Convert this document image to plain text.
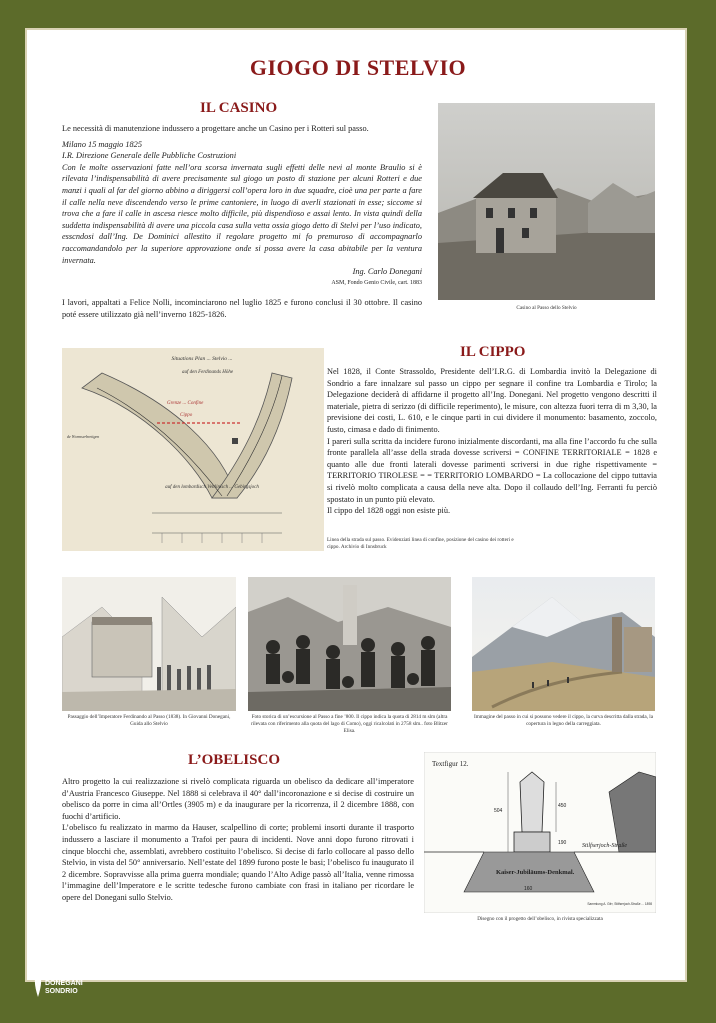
GIOGO DI STELVIO
IL CASINO

Le necessità di manutenzione indussero a progettare anche un Casino per i Rotteri sul passo.

Milano 15 maggio 1825

I.R. Direzione Generale delle Pubbliche Costruzioni

Con le molte osservazioni fatte nell’ora scorsa invernata sugli effetti delle nevi al monte Braulio si è rilevata l’indispensabilità di avere precisamente sul giogo un posto di stazione per alcuni Rotteri e due manzi i quali al far del giorno abbino a diriggersi coll’opera loro in due squadre, cioè una per parte a fare il calle nella neve discendendo verso le prime cantoniere, in luogo di averli stazionati in esse; siccome si trova che a fare il calle in ascesa riesce molto difficile, più dispendioso e assai lento. In vista quindi della suddetta indispensabilità di avere una piccola casa sulla vetta ossia giogo detto di Stelvi per l’uso indicato, esscndosi dall’Ing. De Dominici allestito il regolare progetto mi fo premuroso di accompagnarlo raccomandandolo per la superiore approvazione onde si possa avere la casa abitabile per la ventura invernata.

Ing. Carlo Donegani

ASM, Fondo Genio Civile, cart. 1883

I lavori, appaltati a Felice Nolli, incominciarono nel luglio 1825 e furono conclusi il 30 ottobre. Il casino poté essere utilizzato già nell’inverno 1825-1826.

Casino al Passo dello Stelvio
Situations Plan ... Stelvio ...
auf den Ferdinands Höhe
Grenze ... Confine
Cippo
auf den lombardisch Veltlinisch ... Gebirgsjoch
de Wormserbreitgen
IL CIPPO

Nel 1828, il Conte Strassoldo, Presidente dell’I.R.G. di Lombardia invitò la Delegazione di Sondrio a fare innalzare sul passo un cippo per segnare il confine tra Lombardia e Tirolo; la Delegazione deciderà di affidarne il progetto all’Ing. Donegani. Nel progetto vengono descritti il materiale, pietra di serizzo (di difficile reperimento), le misure, con altezza fuori terra di m 3,30, la previsione dei costi, L. 610, e le cinque parti in cui dividere il monumento: basamento, zoccolo, fusto, cimasa e dado di finimento.

I pareri sulla scritta da incidere furono inizialmente discordanti, ma alla fine l’accordo fu che sulla fronte parallela all’asse della strada dovesse scriversi = CONFINE TERRITORIALE = 1828 e quanto alle due fronti laterali dovesse parimenti scriversi in due righe rispettivamente = TERRITORIO TIROLESE = = TERRITORIO LOMBARDO = La collocazione del cippo tuttavia si rivelò molto complicata a causa della neve alta. Dopo il collaudo dell’Ing. Ferranti fu perciò spostato in un punto più elevato.

Il cippo del 1828 oggi non esiste più.

Linea della strada sul passo. Evidenziati linea di confine, posizione del casino dei rotteri e cippo. Archivio di Innsbruck
Passaggio dell’Imperatore Ferdinando al Passo (1838). In Giovanni Donegani, Guida allo Stelvio
Foto storica di un’escursione al Passo a fine ’800. Il cippo indica la quota di 2814 m slm (altra rilevata con riferimento alla quota del lago di Como), oggi ricalcolati in 2758 slm.. foto Blitzer Elisa.
Immagine del passo in cui si possono vedere il cippo, la curva descritta dalla strada, la copertura in legno della carreggiata.
L’OBELISCO

Altro progetto la cui realizzazione si rivelò complicata riguarda un obelisco da dedicare all’imperatore d’Austria Francesco Giuseppe. Nel 1888 si celebrava il 40° dall’incoronazione e si decise di costruire un obelisco da porre in cima all’Ortles (3905 m) e da inaugurare per la ricorrenza, il 2 dicembre 1888, con fuochi d’artificio.

L’obelisco fu realizzato in marmo da Hauser, scalpellino di corte; problemi insorti durante il trasporto indussero a lasciare il monumento a Trafoi per paura di incidenti. Nove anni dopo furono ritrovati i cinque blocchi che, assemblati, avrebbero costituito l’obelisco. Si decise di farlo collocare al passo dello Stelvio, in vista del 50° anniversario. Nell’estate del 1899 furono poste le basi; l’obelisco fu inaugurato il 2 dicembre. Sopravvisse alla prima guerra mondiale; quando l’Alto Adige passò all’Italia, venne rimossa l’immagine dell’Imperatore e le scritte tedesche furono cambiate con frasi in italiano per ricordare le opere del Donegani sullo Stelvio.

Textfigur 12.
504
450
190
160
Stilfserjoch-Straße
Kaiser-Jubiläums-Denkmal.
Sammlung A. Gfrr, Stilfserjoch-Straße ... 1898
Disegno con il progetto dell’obelisco, in rivista specializzata
LICEO
SCIENTIFICO
CARLO
DONEGANI
SONDRIO
